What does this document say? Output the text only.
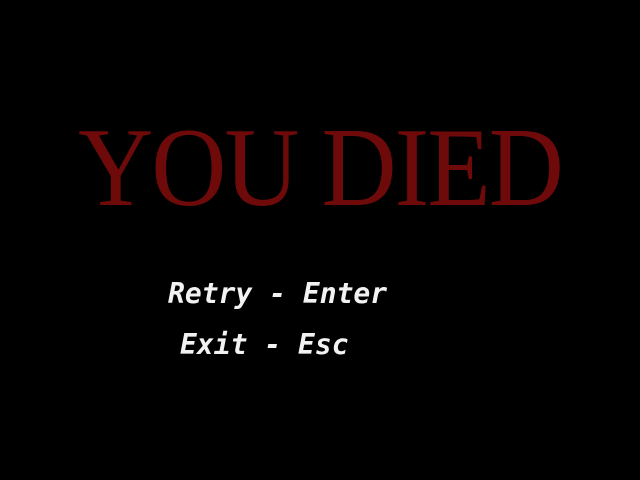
YOU DIED
Retry - Enter
Exit - Esc
